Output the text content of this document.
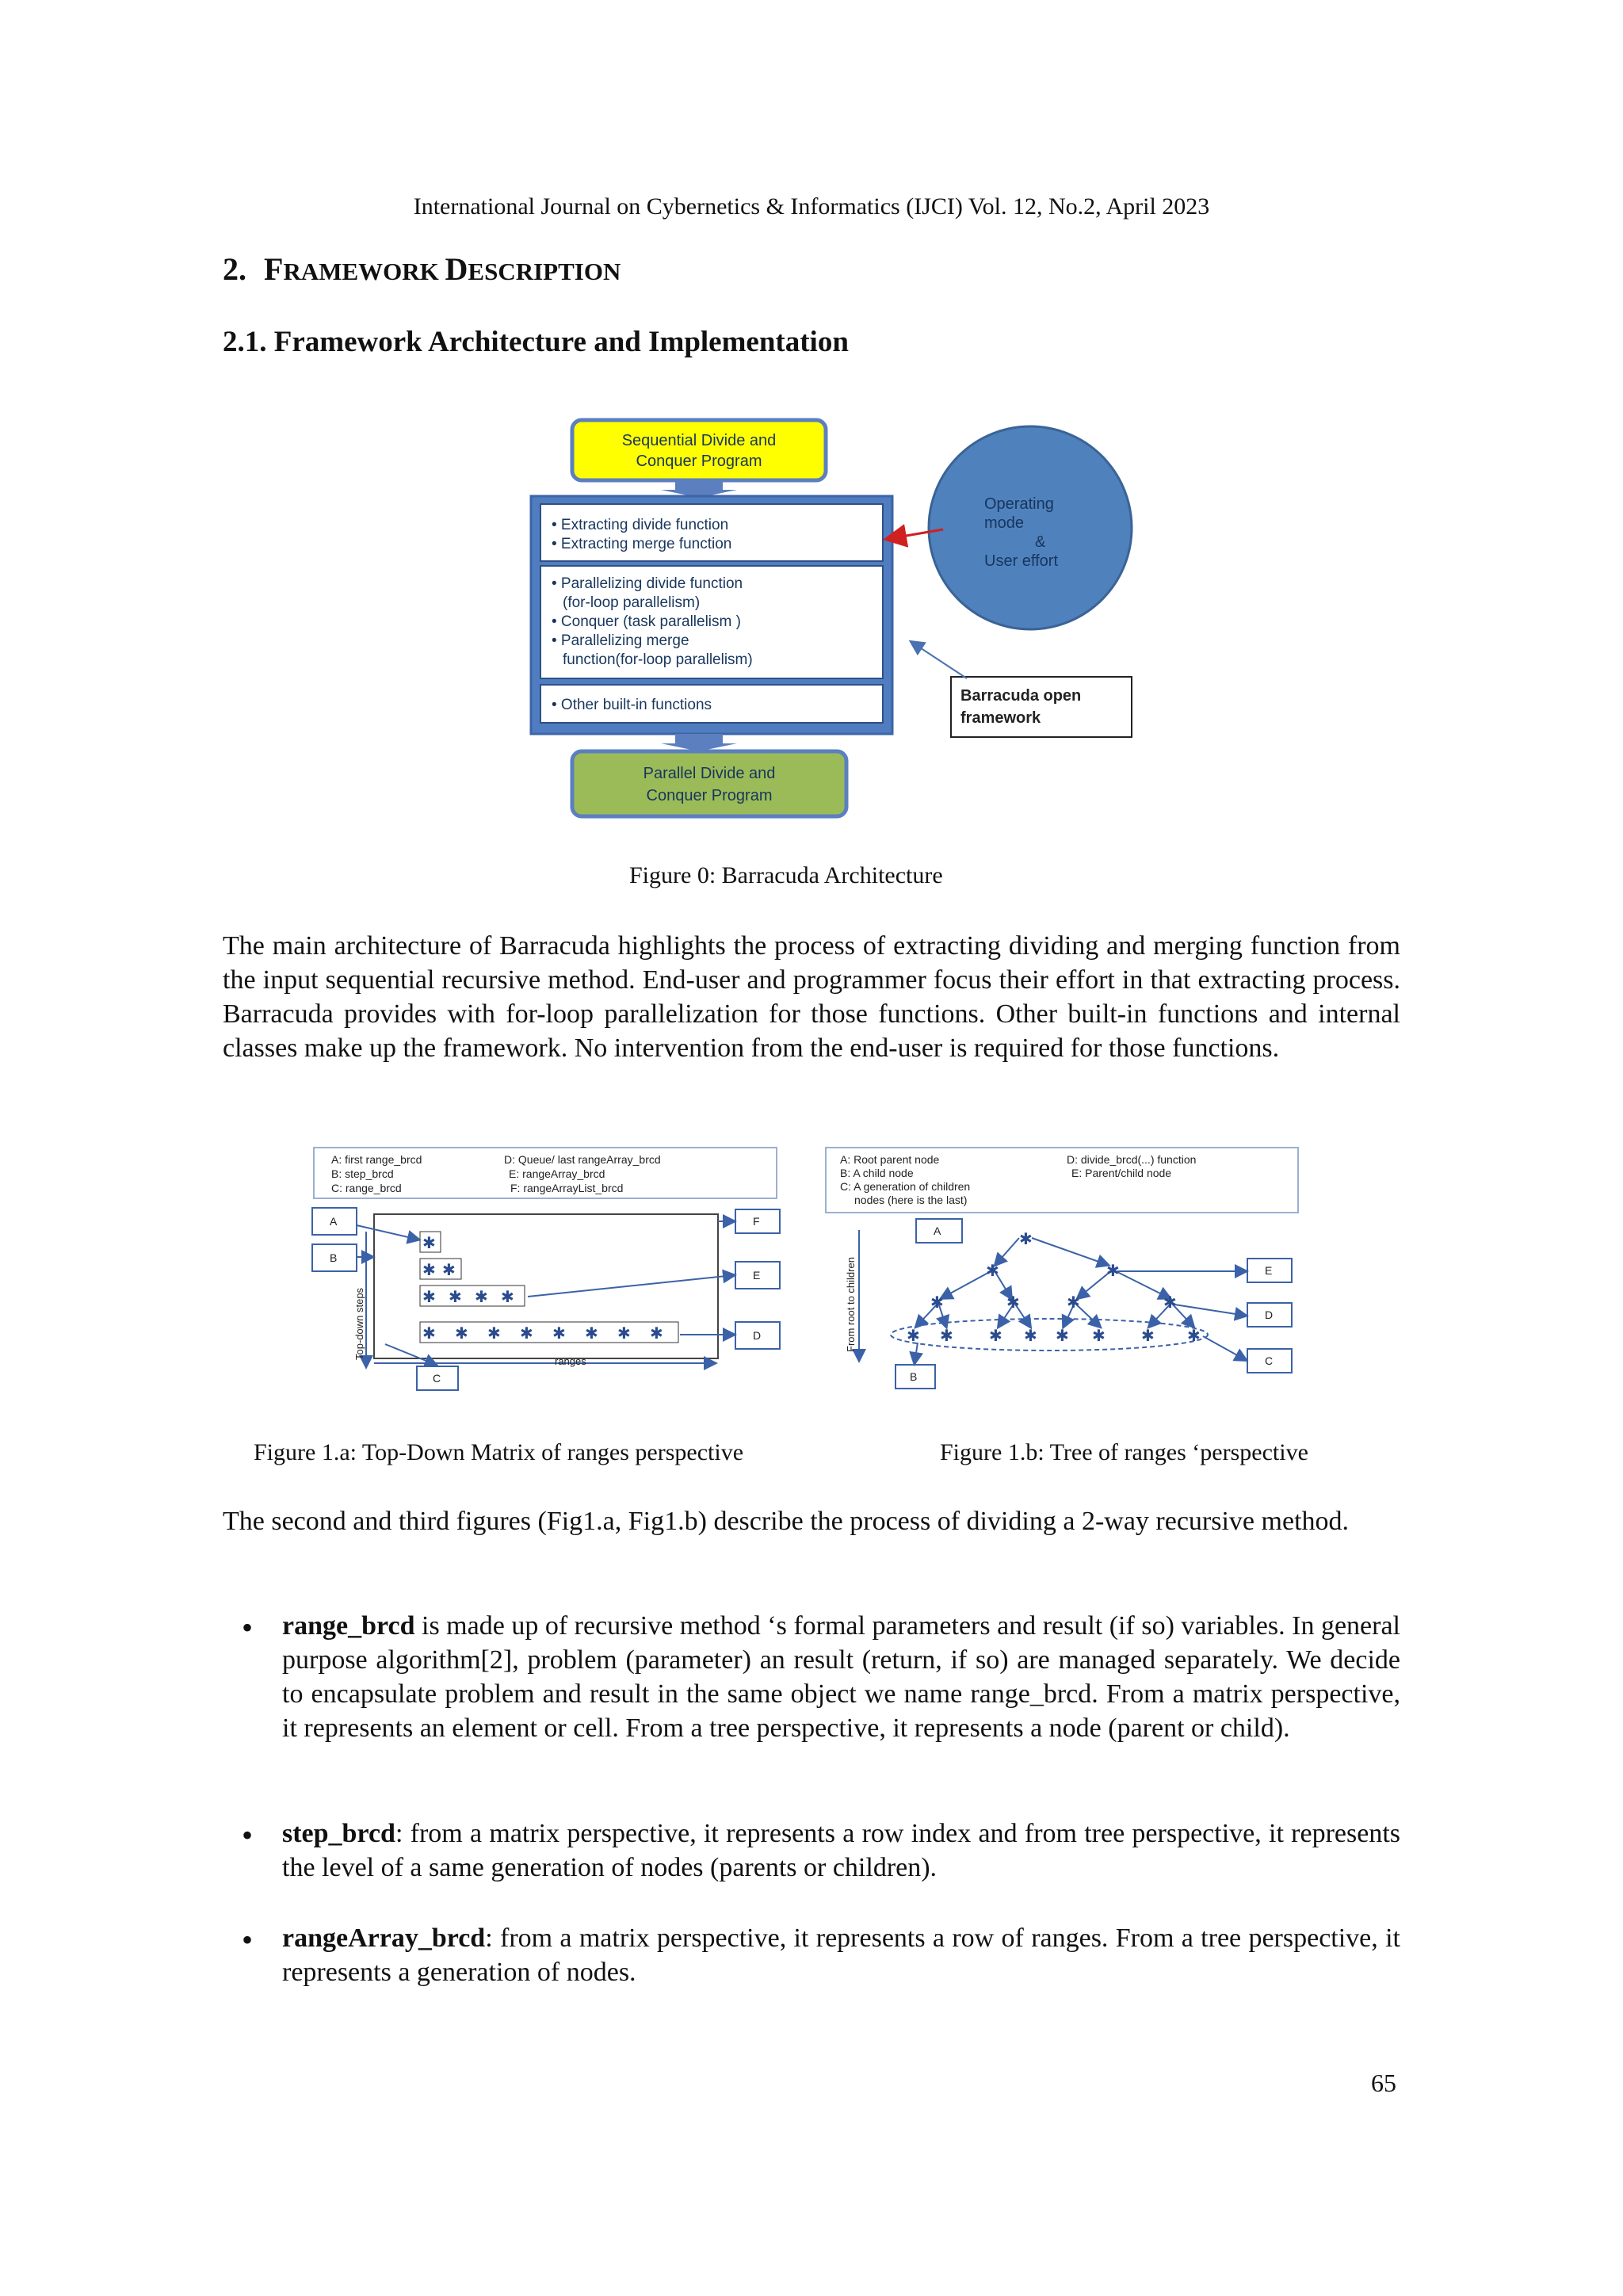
International Journal on Cybernetics & Informatics (IJCI) Vol. 12, No.2, April 2023
2. FRAMEWORK DESCRIPTION
2.1. Framework Architecture and Implementation
Sequential Divide and
Conquer Program
• Extracting divide function
• Extracting merge function
• Parallelizing divide function
(for-loop parallelism)
• Conquer (task parallelism )
• Parallelizing merge
function(for-loop parallelism)
• Other built-in functions
Parallel Divide and
Conquer Program
Operating
mode
&
User effort
Barracuda open
framework
Figure 0: Barracuda Architecture
The main architecture of Barracuda highlights the process of extracting dividing and merging function from the input sequential recursive method. End-user and programmer focus their effort in that extracting process. Barracuda provides with for-loop parallelization for those functions. Other built-in functions and internal classes make up the framework. No intervention from the end-user is required for those functions.
A: first range_brcd
B: step_brcd
C: range_brcd
D: Queue/ last rangeArray_brcd
E: rangeArray_brcd
F: rangeArrayList_brcd
A
B
C
F
E
D
Top-down steps
ranges
✱
✱ ✱
✱ ✱ ✱ ✱
✱ ✱ ✱ ✱ ✱ ✱ ✱ ✱
A: Root parent node
B: A child node
C: A generation of children
nodes (here is the last)
D: divide_brcd(...) function
E: Parent/child node
A
E
D
C
B
From root to children
✱
✱	✱
✱	✱	✱	✱
✱ ✱ ✱ ✱ ✱ ✱ ✱ ✱
Figure 1.a: Top-Down Matrix of ranges perspective	Figure 1.b: Tree of ranges ‘perspective
The second and third figures (Fig1.a, Fig1.b) describe the process of dividing a 2-way recursive method.
• range_brcd is made up of recursive method ‘s formal parameters and result (if so) variables. In general purpose algorithm[2], problem (parameter) an result (return, if so) are managed separately. We decide to encapsulate problem and result in the same object we name range_brcd. From a matrix perspective, it represents an element or cell. From a tree perspective, it represents a node (parent or child).
• step_brcd: from a matrix perspective, it represents a row index and from tree perspective, it represents the level of a same generation of nodes (parents or children).
• rangeArray_brcd: from a matrix perspective, it represents a row of ranges. From a tree perspective, it represents a generation of nodes.
65
